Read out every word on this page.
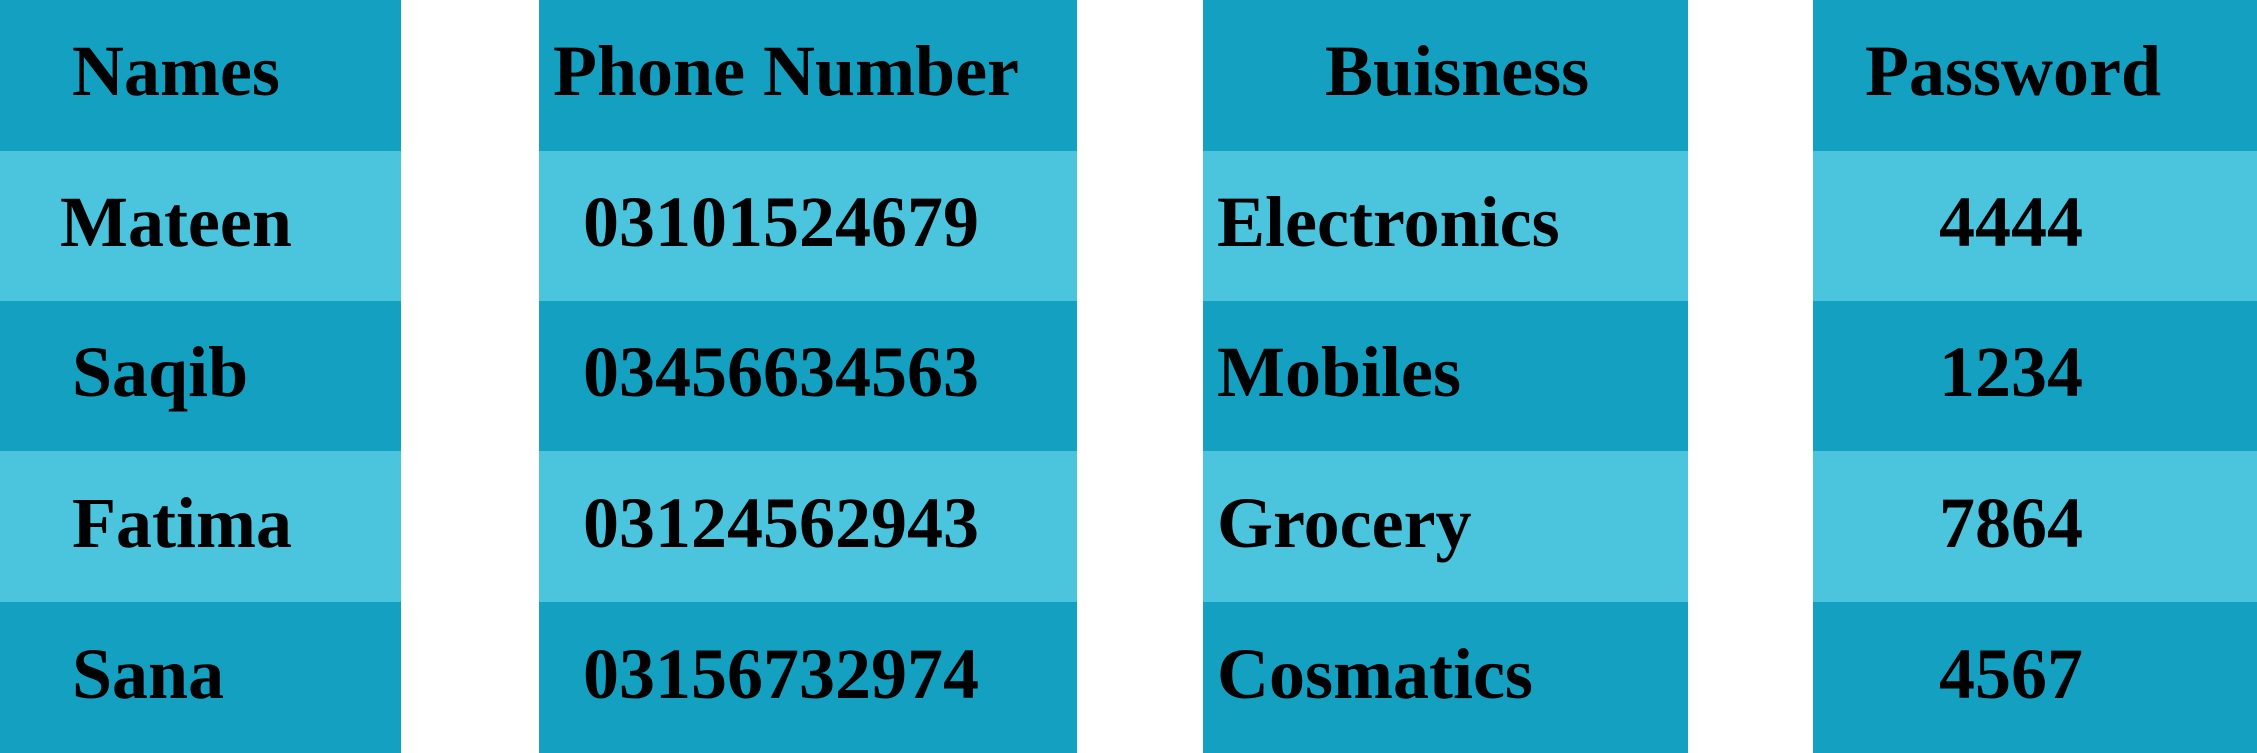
Names
Mateen
Saqib
Fatima
Sana
Phone Number
03101524679
03456634563
03124562943
03156732974
Buisness
Electronics
Mobiles
Grocery
Cosmatics
Password
4444
1234
7864
4567
